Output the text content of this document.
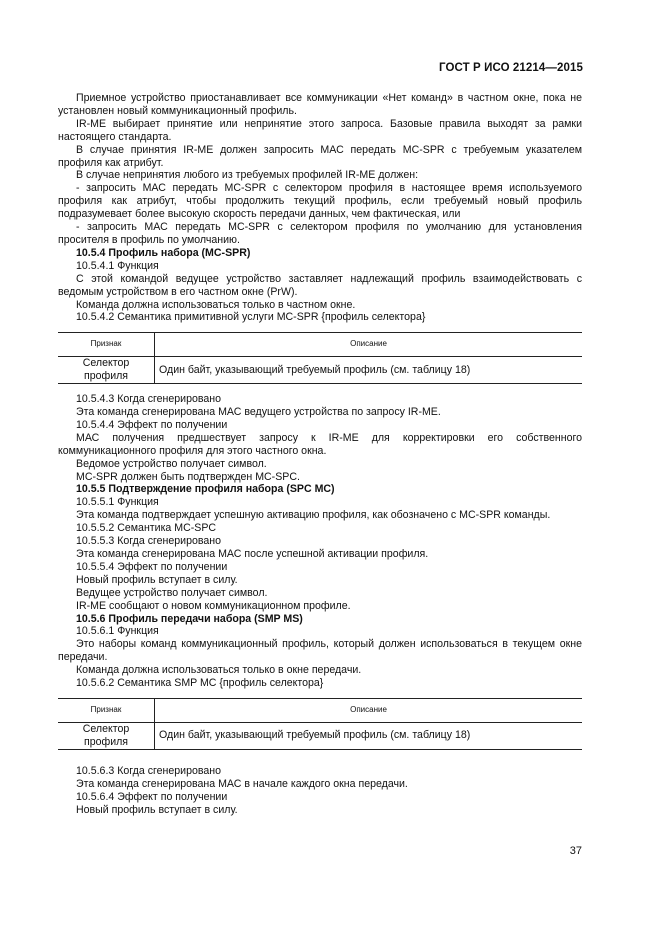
ГОСТ Р ИСО 21214—2015

Приемное устройство приостанавливает все коммуникации «Нет команд» в частном окне, пока не установлен новый коммуникационный профиль.

IR-ME выбирает принятие или непринятие этого запроса. Базовые правила выходят за рамки настоящего стандарта.

В случае принятия IR-ME должен запросить МАС передать MC-SPR с требуемым указателем профиля как атрибут.

В случае непринятия любого из требуемых профилей IR-ME должен:

- запросить МАС передать MC-SPR с селектором профиля в настоящее время используемого профиля как атрибут, чтобы продолжить текущий профиль, если требуемый новый профиль подразумевает более высокую скорость передачи данных, чем фактическая, или

- запросить МАС передать MC-SPR с селектором профиля по умолчанию для установления просителя в профиль по умолчанию.

10.5.4 Профиль набора (MC-SPR)

10.5.4.1 Функция

С этой командой ведущее устройство заставляет надлежащий профиль взаимодействовать с ведомым устройством в его частном окне (PrW).

Команда должна использоваться только в частном окне.

10.5.4.2 Семантика примитивной услуги MC-SPR {профиль селектора}

Признак	Описание
Селектор профиля	Один байт, указывающий требуемый профиль (см. таблицу 18)

10.5.4.3 Когда сгенерировано

Эта команда сгенерирована МАС ведущего устройства по запросу IR-ME.

10.5.4.4 Эффект по получении

МАС получения предшествует запросу к IR-ME для корректировки его собственного коммуникационного профиля для этого частного окна.

Ведомое устройство получает символ.

MC-SPR должен быть подтвержден MC-SPC.

10.5.5 Подтверждение профиля набора (SPC MC)

10.5.5.1 Функция

Эта команда подтверждает успешную активацию профиля, как обозначено с MC-SPR команды.

10.5.5.2 Семантика MC-SPC

10.5.5.3 Когда сгенерировано

Эта команда сгенерирована МАС после успешной активации профиля.

10.5.5.4 Эффект по получении

Новый профиль вступает в силу.

Ведущее устройство получает символ.

IR-ME сообщают о новом коммуникационном профиле.

10.5.6 Профиль передачи набора (SMP MS)

10.5.6.1 Функция

Это наборы команд коммуникационный профиль, который должен использоваться в текущем окне передачи.

Команда должна использоваться только в окне передачи.

10.5.6.2 Семантика SMP MC {профиль селектора}

Признак	Описание
Селектор профиля	Один байт, указывающий требуемый профиль (см. таблицу 18)

10.5.6.3 Когда сгенерировано

Эта команда сгенерирована МАС в начале каждого окна передачи.

10.5.6.4 Эффект по получении

Новый профиль вступает в силу.

37
